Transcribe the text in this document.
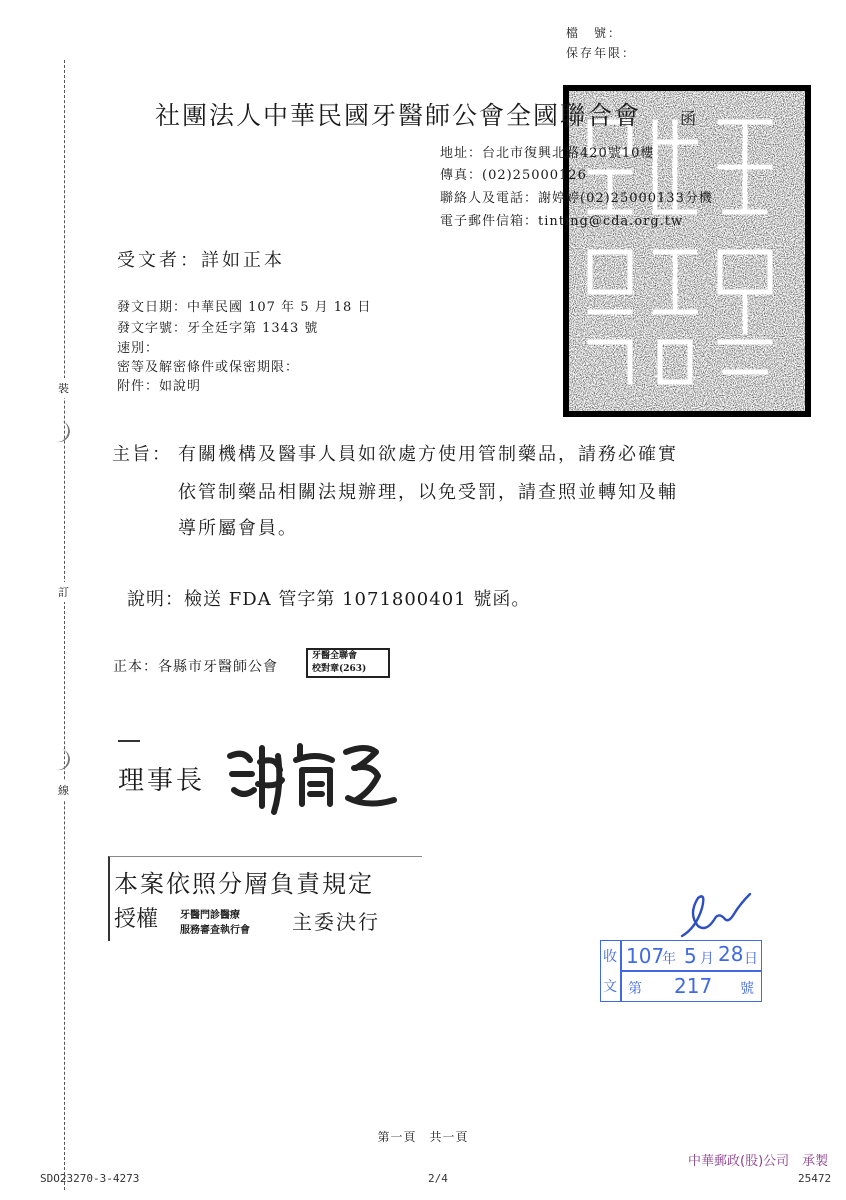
檔　號：
保存年限：
裝
訂
線
社團法人中華民國牙醫師公會全國聯合會 函
地址：台北市復興北路420號10樓
傳真：(02)25000126
聯絡人及電話：謝婷婷(02)25000133分機
電子郵件信箱：tinting@cda.org.tw
受文者：詳如正本
發文日期：中華民國 107 年 5 月 18 日
發文字號：牙全廷字第 1343 號
速別：
密等及解密條件或保密期限：
附件：如說明
主旨： 有關機構及醫事人員如欲處方使用管制藥品，請務必確實
依管制藥品相關法規辦理，以免受罰，請查照並轉知及輔
導所屬會員。
說明：檢送 FDA 管字第 1071800401 號函。
正本：各縣市牙醫師公會
牙醫全聯會
校對章(263)
理事長
本案依照分層負責規定
授權 牙醫門診醫療
服務審查執行會 主委決行
收
文
107
年 5 月 28 日
第 217 號
第一頁　共一頁
中華郵政(股)公司　承製
SDO23270-3-4273	2/4	25472
